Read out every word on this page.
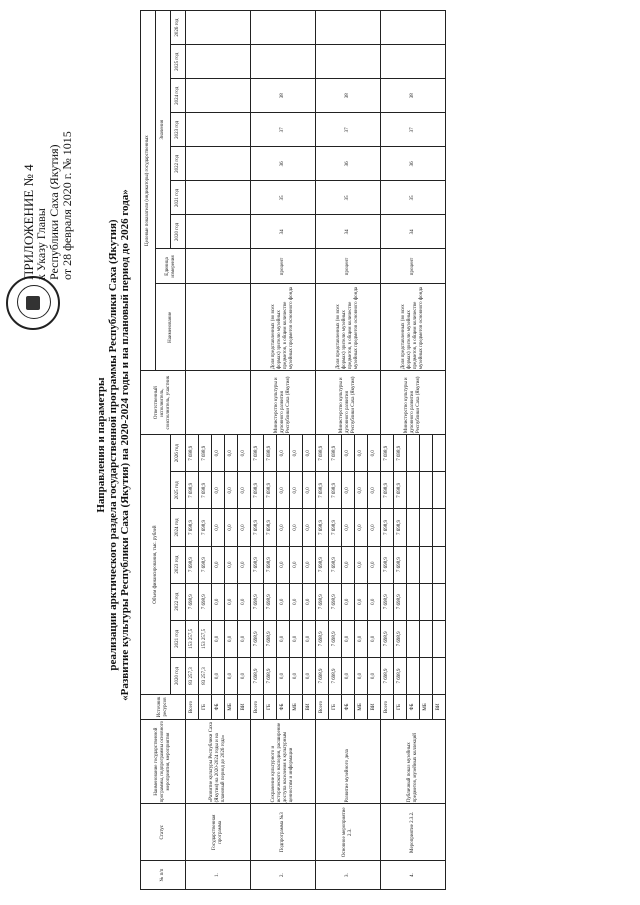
ПРИЛОЖЕНИЕ № 4
к Указу Главы Республики Саха (Якутия) от 28 февраля 2020 г. № 1015
Направления и параметры реализации арктического раздела государственной программы Республики Саха (Якутия) «Развитие культуры Республики Саха (Якутия) на 2020-2024 годы и на плановый период до 2026 года»
№ п/п	Статус	Наименование государственной программы, подпрограммы основного мероприятия, мероприятия	Источник ресурсов	Объем финансирования, тыс. рублей							Ответственный исполнитель, соисполнитель, участник	Целевые показатели (индикаторы) государственных								
												Наименование	Единица измерения	Значения						
				2020 год	2021 год	2022 год	2023 год	2024 год	2025 год	2026 год				2020 год	2021 год	2022 год	2023 год	2024 год	2025 год	2026 год
1.	Государственная программа	«Развитие культуры Республики Саха (Якутия) на 2020-2024 годы и на плановый период до 2026 года»	Всего	83 257,3	153 257,5	7 698,9	7 698,9	7 698,9	7 698,9	7 698,9										
			ГБ	83 257,3	153 257,5	7 698,9	7 698,9	7 698,9	7 698,9	7 698,9										
			ФБ	0,0	0,0	0,0	0,0	0,0	0,0	0,0										
			МБ	0,0	0,0	0,0	0,0	0,0	0,0	0,0										
			ВИ	0,0	0,0	0,0	0,0	0,0	0,0	0,0										
2.	Подпрограмма №3	Сохранение культурного и исторического наследия, расширение доступа населения к культурным ценностям и информации	Всего	7 698,9	7 698,9	7 698,9	7 698,9	7 698,9	7 698,9	7 698,9	Министерство культуры и духовного развития Республики Саха (Якутия)	Доля представленных (во всех формах) зрителю музейных предметов, в общем количестве музейных предметов основного фонда	процент	34	35	36	37	38		
			ГБ	7 698,9	7 698,9	7 698,9	7 698,9	7 698,9	7 698,9	7 698,9										
			ФБ	0,0	0,0	0,0	0,0	0,0	0,0	0,0										
			МБ	0,0	0,0	0,0	0,0	0,0	0,0	0,0										
			ВИ	0,0	0,0	0,0	0,0	0,0	0,0	0,0										
3.	Основное мероприятие 2.3.	Развитие музейного дела	Всего	7 698,9	7 698,9	7 698,9	7 698,9	7 698,9	7 698,9	7 698,9	Министерство культуры и духовного развития Республики Саха (Якутия)	Доля представленных (во всех формах) зрителю музейных предметов, в общем количестве музейных предметов основного фонда	процент	34	35	36	37	38		
			ГБ	7 698,9	7 698,9	7 698,9	7 698,9	7 698,9	7 698,9	7 698,9										
			ФБ	0,0	0,0	0,0	0,0	0,0	0,0	0,0										
			МБ	0,0	0,0	0,0	0,0	0,0	0,0	0,0										
			ВИ	0,0	0,0	0,0	0,0	0,0	0,0	0,0										
4.	Мероприятие 2.3.2.	Публичный показ музейных предметов, музейных коллекций	Всего	7 698,9	7 698,9	7 698,9	7 698,9	7 698,9	7 698,9	7 698,9	Министерство культуры и духовного развития Республики Саха (Якутия)	Доля представленных (во всех формах) зрителю музейных предметов, в общем количестве музейных предметов основного фонда	процент	34	35	36	37	38		
			ГБ	7 698,9	7 698,9	7 698,9	7 698,9	7 698,9	7 698,9	7 698,9										
			ФБ																	
			МБ																	
			ВИ																	
